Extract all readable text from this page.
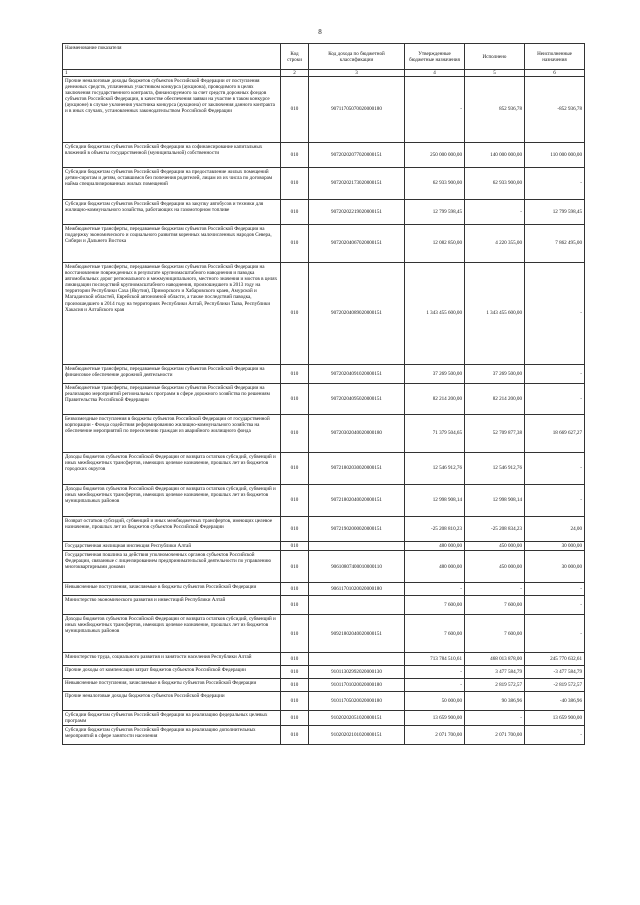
8
Наименование показателя	Код строки	Код дохода по бюджетной классификации	Утвержденные бюджетные назначения	Исполнено	Неисполненные назначения
1	2	3	4	5	6
Прочие неналоговые доходы бюджетов субъектов Российской Федерации от поступления денежных средств, уплаченных участником конкурса (аукциона), проводимого в целях заключения государственного контракта, финансируемого за счет средств дорожных фондов субъектов Российской Федерации, в качестве обеспечения заявки на участие в таком конкурсе (аукционе) в случае уклонения участника конкурса (аукциона) от заключения данного контракта и в иных случаях, установленных законодательством Российской Федерации	010	90711705070020000180	-	852 936,78	-852 936,78
Субсидии бюджетам субъектов Российской Федерации на софинансирование капитальных вложений в объекты государственной (муниципальной) собственности	010	90720202077020000151	250 000 000,00	140 000 000,00	110 000 000,00
Субсидии бюджетам субъектов Российской Федерации на предоставление жилых помещений детям-сиротам и детям, оставшимся без попечения родителей, лицам из их числа по договорам найма специализированных жилых помещений	010	90720202173020000151	62 933 900,00	62 933 900,00	-
Субсидии бюджетам субъектов Российской Федерации на закупку автобусов и техники для жилищно-коммунального хозайства, работающих на газомоторном топливе	010	90720202219020000151	12 799 598,45	-	12 799 598,45
Межбюджетные трансферты, передаваемые бюджетам субъектов Российской Федерации на поддержку экономического и социального развития коренных малочисленных народов Севера, Сибири и Дальнего Востока	010	90720204067020000151	12 082 850,00	4 220 355,00	7 862 495,00
Межбюджетные трансферты, передаваемые бюджетам субъектов Российской Федерации на восстановление поврежденных в результате крупномасштабного наводнения и паводка автомобильных дорог регионального и межмуниципального, местного значения и мостов в целях ликвидации последствий крупномасштабного наводнения, произошедшего в 2013 году на территории Республики Саха (Якутия), Приморского и Хабаровского краев, Амурской и Магаданской областей, Еврейской автономной области, а также последствий паводка, произошедшего в 2014 году на территориях Республики Алтай, Республики Тыва, Республики Хакасия и Алтайского края	010	90720204089020000151	1 343 455 600,00	1 343 455 600,00	-
Межбюджетные трансферты, передаваемые бюджетам субъектов Российской Федерации на финансовое обеспечение дорожной деятельности	010	90720204091020000151	37 269 500,00	37 269 500,00	-
Межбюджетные трансферты, передаваемые бюджетам субъектов Российской Федерации на реализацию мероприятий региональных программ в сфере дорожного хозяйства по решениям Правительства Российской Федерации	010	90720204095020000151	82 214 200,00	82 214 200,00	-
Безвозмездные поступления в бюджеты субъектов Российской Федерации от государственной корпорации - Фонда содействия реформированию жилищно-коммунального хозяйства на обеспечение мероприятий по переселению граждан из аварийного жилищного фонда	010	90720302040020000180	71 379 504,65	52 709 877,38	18 669 627,27
Доходы бюджетов субъектов Российской Федерации от возврата остатков субсидий, субвенций и иных межбюджетных трансфертов, имеющих целевое назначение, прошлых лет из бюджетов городских округов	010	90721802030020000151	12 546 912,76	12 546 912,76	-
Доходы бюджетов субъектов Российской Федерации от возврата остатков субсидий, субвенций и иных межбюджетных трансфертов, имеющих целевое назначение, прошлых лет из бюджетов муниципальных районов	010	90721802040020000151	12 998 908,14	12 998 908,14	-
Возврат остатков субсидий, субвенций и иных межбюджетных трансфертов, имеющих целевое назначение, прошлых лет из бюджетов субъектов Российской Федерации	010	90721902000020000151	-25 208 810,23	-25 208 834,23	24,00
Государственная жилищная инспекция Республики Алтай	010		480 000,00	450 000,00	30 000,00
Государственная пошлина за действия уполномоченных органов субъектов Российской Федерации, связанные с лицензированием предпринимательской деятельности по управлению многоквартирными домами	010	90610807400010000110	480 000,00	450 000,00	30 000,00
Невыясненные поступления, зачисляемые в бюджеты субъектов Российской Федерации	010	90611701020020000180	-	-	-
Министерство экономического развития и инвестиций Республики Алтай	010		7 600,00	7 600,00	-
Доходы бюджетов субъектов Российской Федерации от возврата остатков субсидий, субвенций и иных межбюджетных трансфертов, имеющих целевое назначение, прошлых лет из бюджетов муниципальных районов	010	90921802040020000151	7 600,00	7 600,00	-
Министерство труда, социального развития и занятости населения Республики Алтай	010		713 784 510,61	468 013 878,00	245 770 632,61
Прочие доходы от компенсации затрат бюджетов субъектов Российской Федерации	010	91011302992020000130	-	3 477 584,79	-3 477 584,79
Невыясненные поступления, зачисляемые в бюджеты субъектов Российской Федерации	010	91011701020020000180	-	2 819 572,57	-2 819 572,57
Прочие неналоговые доходы бюджетов субъектов Российской Федерации	010	91011705020020000180	50 000,00	90 386,96	-40 386,96
Субсидии бюджетам субъектов Российской Федерации на реализацию федеральных целевых программ	010	91020202051020000151	13 659 900,00	-	13 659 900,00
Субсидии бюджетам субъектов Российской Федерации на реализацию дополнительных мероприятий в сфере занятости населения	010	91020202101020000151	2 071 700,00	2 071 700,00	-
